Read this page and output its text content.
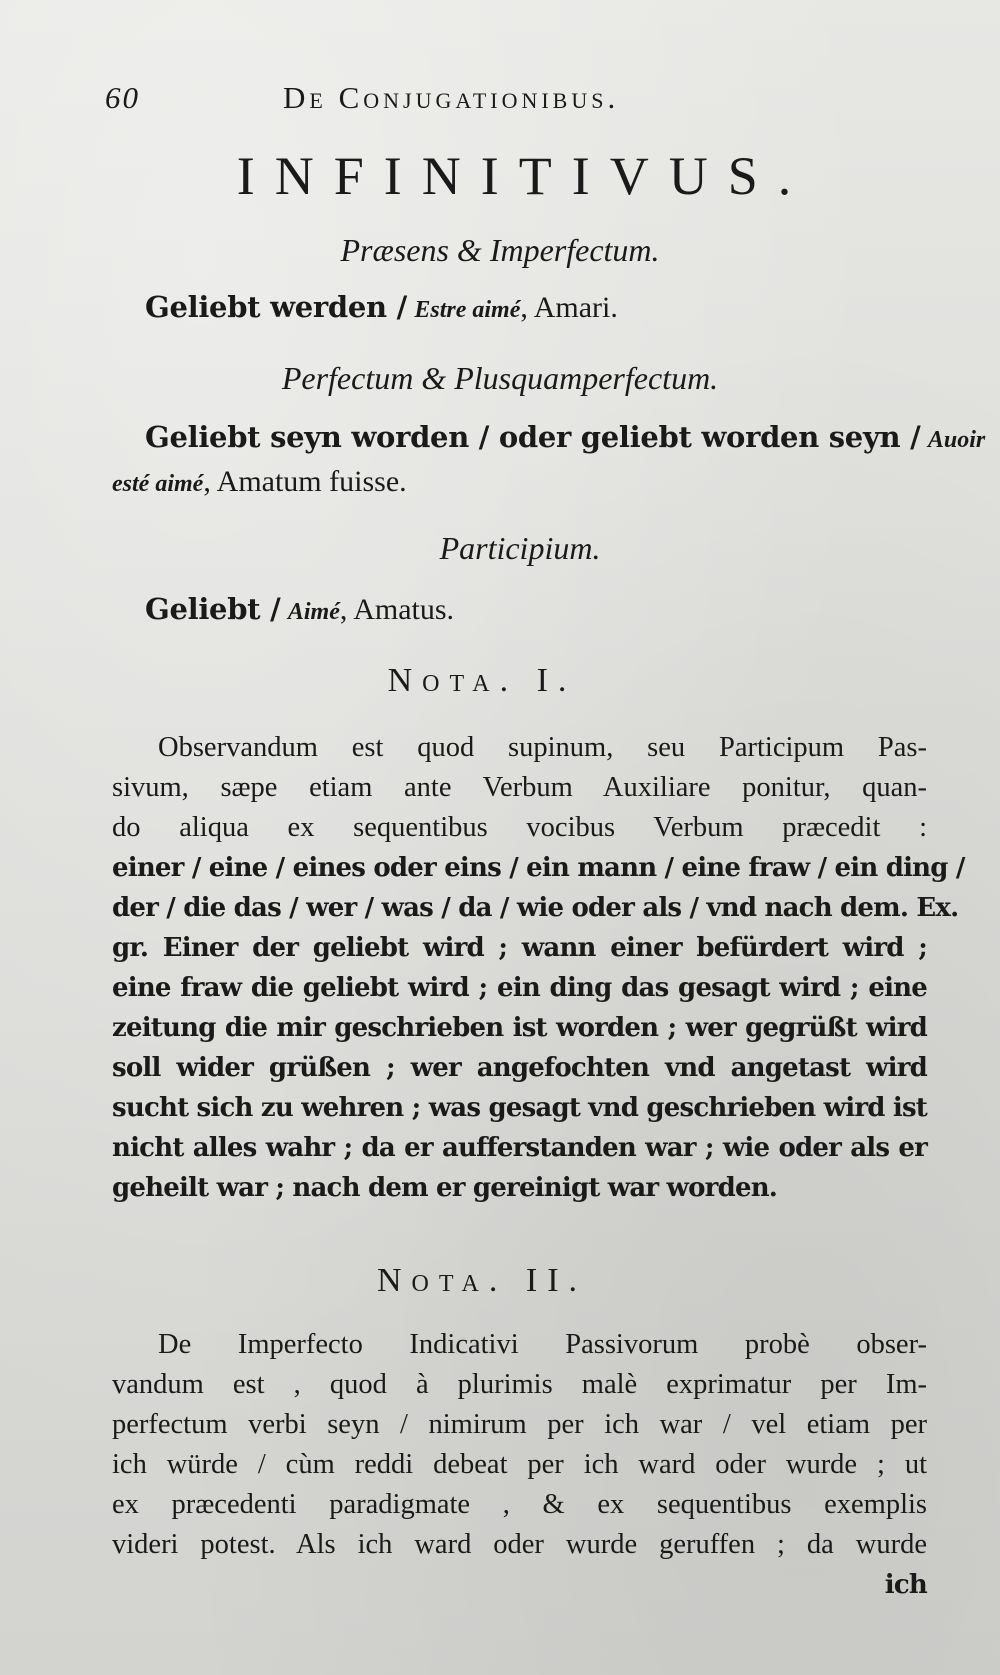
60	De Conjugationibus.
INFINITIVUS.
Præsens & Imperfectum.
Geliebt werden / Estre aimé, Amari.
Perfectum & Plusquamperfectum.
Geliebt seyn worden / oder geliebt worden seyn / Auoir
esté aimé, Amatum fuisse.
Participium.
Geliebt / Aimé, Amatus.
Nota. I.
Observandum est quod supinum, seu Participum Pas-
sivum, sæpe etiam ante Verbum Auxiliare ponitur, quan-
do aliqua ex sequentibus vocibus Verbum præcedit :
einer / eine / eines oder eins / ein mann / eine fraw / ein ding /
der / die das / wer / was / da / wie oder als / vnd nach dem. Ex.
gr. Einer der geliebt wird ; wann einer befürdert wird ;
eine fraw die geliebt wird ; ein ding das gesagt wird ; eine
zeitung die mir geschrieben ist worden ; wer gegrüßt wird
soll wider grüßen ; wer angefochten vnd angetast wird
sucht sich zu wehren ; was gesagt vnd geschrieben wird ist
nicht alles wahr ; da er aufferstanden war ; wie oder als er
geheilt war ; nach dem er gereinigt war worden.
Nota. II.
De Imperfecto Indicativi Passivorum probè obser-
vandum est , quod à plurimis malè exprimatur per Im-
perfectum verbi seyn / nimirum per ich war / vel etiam per
ich würde / cùm reddi debeat per ich ward oder wurde ; ut
ex præcedenti paradigmate , & ex sequentibus exemplis
videri potest. Als ich ward oder wurde geruffen ; da wurde
ich
